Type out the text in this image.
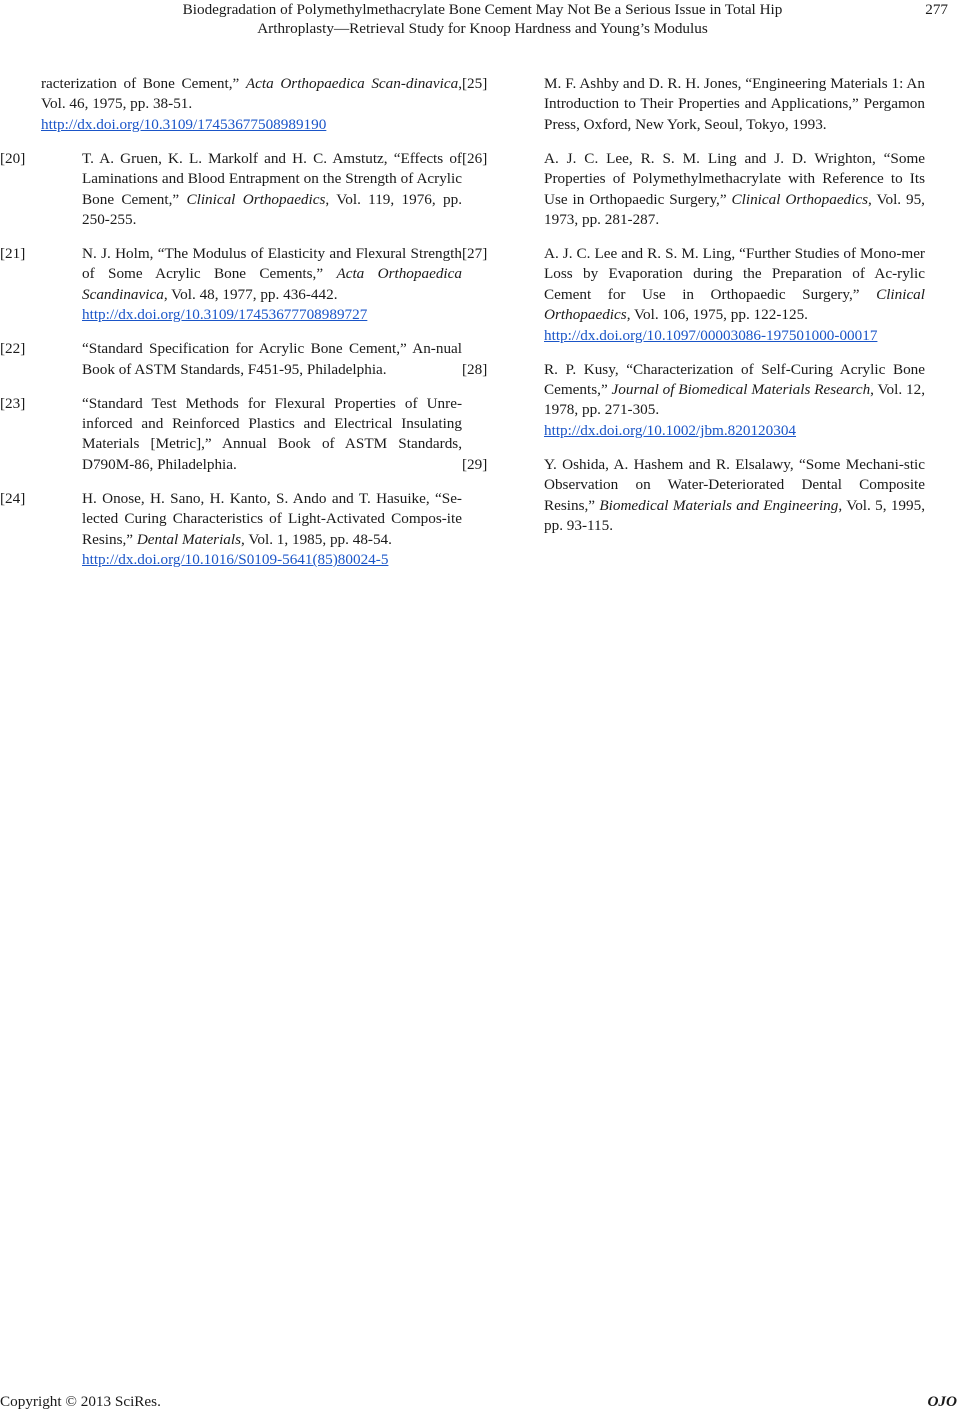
Biodegradation of Polymethylmethacrylate Bone Cement May Not Be a Serious Issue in Total Hip
Arthroplasty—Retrieval Study for Knoop Hardness and Young’s Modulus
277
racterization of Bone Cement,” Acta Orthopaedica Scan-dinavica, Vol. 46, 1975, pp. 38-51.
http://dx.doi.org/10.3109/17453677508989190
[20]	T. A. Gruen, K. L. Markolf and H. C. Amstutz, “Effects of Laminations and Blood Entrapment on the Strength of Acrylic Bone Cement,” Clinical Orthopaedics, Vol. 119, 1976, pp. 250-255.
[21]	N. J. Holm, “The Modulus of Elasticity and Flexural Strength of Some Acrylic Bone Cements,” Acta Orthopaedica Scandinavica, Vol. 48, 1977, pp. 436-442.
http://dx.doi.org/10.3109/17453677708989727
[22]	“Standard Specification for Acrylic Bone Cement,” An-nual Book of ASTM Standards, F451-95, Philadelphia.
[23]	“Standard Test Methods for Flexural Properties of Unre-inforced and Reinforced Plastics and Electrical Insulating Materials [Metric],” Annual Book of ASTM Standards, D790M-86, Philadelphia.
[24]	H. Onose, H. Sano, H. Kanto, S. Ando and T. Hasuike, “Se-lected Curing Characteristics of Light-Activated Compos-ite Resins,” Dental Materials, Vol. 1, 1985, pp. 48-54.
http://dx.doi.org/10.1016/S0109-5641(85)80024-5
[25]	M. F. Ashby and D. R. H. Jones, “Engineering Materials 1: An Introduction to Their Properties and Applications,” Pergamon Press, Oxford, New York, Seoul, Tokyo, 1993.
[26]	A. J. C. Lee, R. S. M. Ling and J. D. Wrighton, “Some Properties of Polymethylmethacrylate with Reference to Its Use in Orthopaedic Surgery,” Clinical Orthopaedics, Vol. 95, 1973, pp. 281-287.
[27]	A. J. C. Lee and R. S. M. Ling, “Further Studies of Mono-mer Loss by Evaporation during the Preparation of Ac-rylic Cement for Use in Orthopaedic Surgery,” Clinical Orthopaedics, Vol. 106, 1975, pp. 122-125.
http://dx.doi.org/10.1097/00003086-197501000-00017
[28]	R. P. Kusy, “Characterization of Self-Curing Acrylic Bone Cements,” Journal of Biomedical Materials Research, Vol. 12, 1978, pp. 271-305.
http://dx.doi.org/10.1002/jbm.820120304
[29]	Y. Oshida, A. Hashem and R. Elsalawy, “Some Mechani-stic Observation on Water-Deteriorated Dental Composite Resins,” Biomedical Materials and Engineering, Vol. 5, 1995, pp. 93-115.
Copyright © 2013 SciRes.	OJO
